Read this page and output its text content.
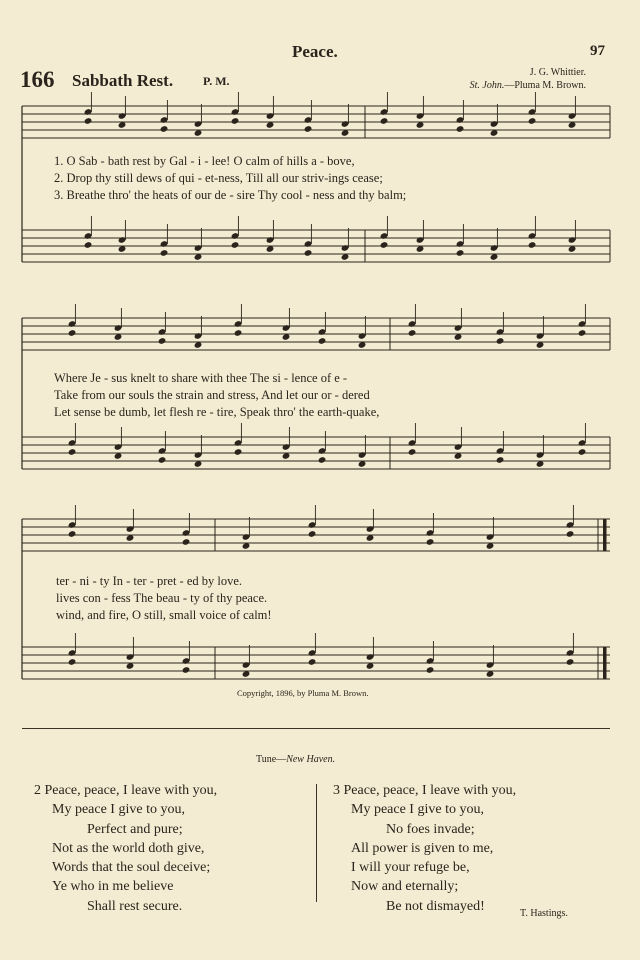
Peace.	97
166 Sabbath Rest. P. M.
J. G. Whittier.
St. John.—Pluma M. Brown.
1. O Sab - bath rest by Gal - i - lee! O calm of hills a - bove,
2. Drop thy still dews of qui - et-ness, Till all our striv-ings cease;
3. Breathe thro' the heats of our de - sire Thy cool - ness and thy balm;
Where Je - sus knelt to share with thee The si - lence of e -
Take from our souls the strain and stress, And let our or - dered
Let sense be dumb, let flesh re - tire, Speak thro' the earth-quake,
ter - ni - ty In - ter - pret - ed by love.
lives con - fess The beau - ty of thy peace.
wind, and fire, O still, small voice of calm!
Copyright, 1896, by Pluma M. Brown.
Tune—New Haven.
2 Peace, peace, I leave with you,
My peace I give to you,
Perfect and pure;
Not as the world doth give,
Words that the soul deceive;
Ye who in me believe
Shall rest secure.
3 Peace, peace, I leave with you,
My peace I give to you,
No foes invade;
All power is given to me,
I will your refuge be,
Now and eternally;
Be not dismayed!	T. Hastings.
